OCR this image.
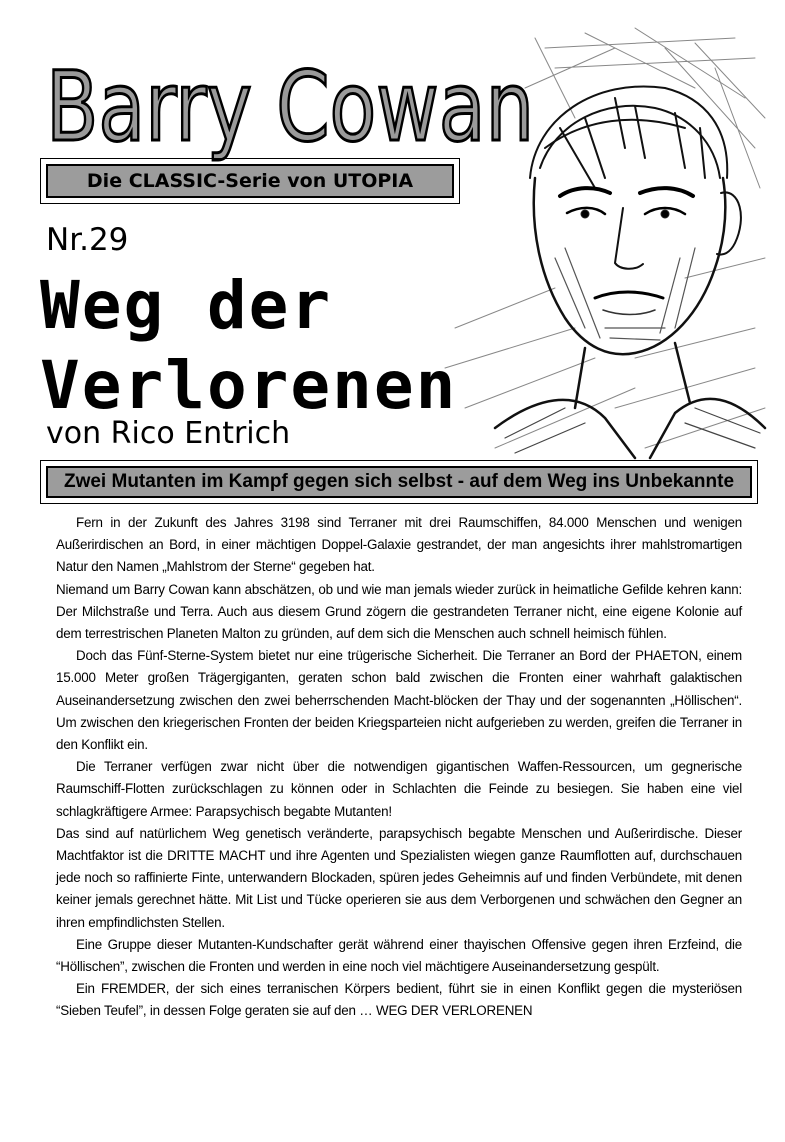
Barry Cowan
Die CLASSIC-Serie von UTOPIA
Nr.29
Weg der
Verlorenen
von Rico Entrich
Zwei Mutanten im Kampf gegen sich selbst - auf dem Weg ins Unbekannte

Fern in der Zukunft des Jahres 3198 sind Terraner mit drei Raumschiffen, 84.000 Menschen und wenigen Außerirdischen an Bord, in einer mächtigen Doppel-Galaxie gestrandet, der man angesichts ihrer mahlstromartigen Natur den Namen „Mahlstrom der Sterne“ gegeben hat.

Niemand um Barry Cowan kann abschätzen, ob und wie man jemals wieder zurück in heimatliche Gefilde kehren kann: Der Milchstraße und Terra. Auch aus diesem Grund zögern die gestrandeten Terraner nicht, eine eigene Kolonie auf dem terrestrischen Planeten Malton zu gründen, auf dem sich die Menschen auch schnell heimisch fühlen.

Doch das Fünf-Sterne-System bietet nur eine trügerische Sicherheit. Die Terraner an Bord der PHAETON, einem 15.000 Meter großen Trägergiganten, geraten schon bald zwischen die Fronten einer wahrhaft galaktischen Auseinandersetzung zwischen den zwei beherrschenden Macht-blöcken der Thay und der sogenannten „Höllischen“. Um zwischen den kriegerischen Fronten der beiden Kriegsparteien nicht aufgerieben zu werden, greifen die Terraner in den Konflikt ein.

Die Terraner verfügen zwar nicht über die notwendigen gigantischen Waffen-Ressourcen, um gegnerische Raumschiff-Flotten zurückschlagen zu können oder in Schlachten die Feinde zu besiegen. Sie haben eine viel schlagkräftigere Armee: Parapsychisch begabte Mutanten!

Das sind auf natürlichem Weg genetisch veränderte, parapsychisch begabte Menschen und Außerirdische. Dieser Machtfaktor ist die DRITTE MACHT und ihre Agenten und Spezialisten wiegen ganze Raumflotten auf, durchschauen jede noch so raffinierte Finte, unterwandern Blockaden, spüren jedes Geheimnis auf und finden Verbündete, mit denen keiner jemals gerechnet hätte. Mit List und Tücke operieren sie aus dem Verborgenen und schwächen den Gegner an ihren empfindlichsten Stellen.

Eine Gruppe dieser Mutanten-Kundschafter gerät während einer thayischen Offensive gegen ihren Erzfeind, die “Höllischen”, zwischen die Fronten und werden in eine noch viel mächtigere Auseinandersetzung gespült.

Ein FREMDER, der sich eines terranischen Körpers bedient, führt sie in einen Konflikt gegen die mysteriösen “Sieben Teufel”, in dessen Folge geraten sie auf den … WEG DER VERLORENEN
